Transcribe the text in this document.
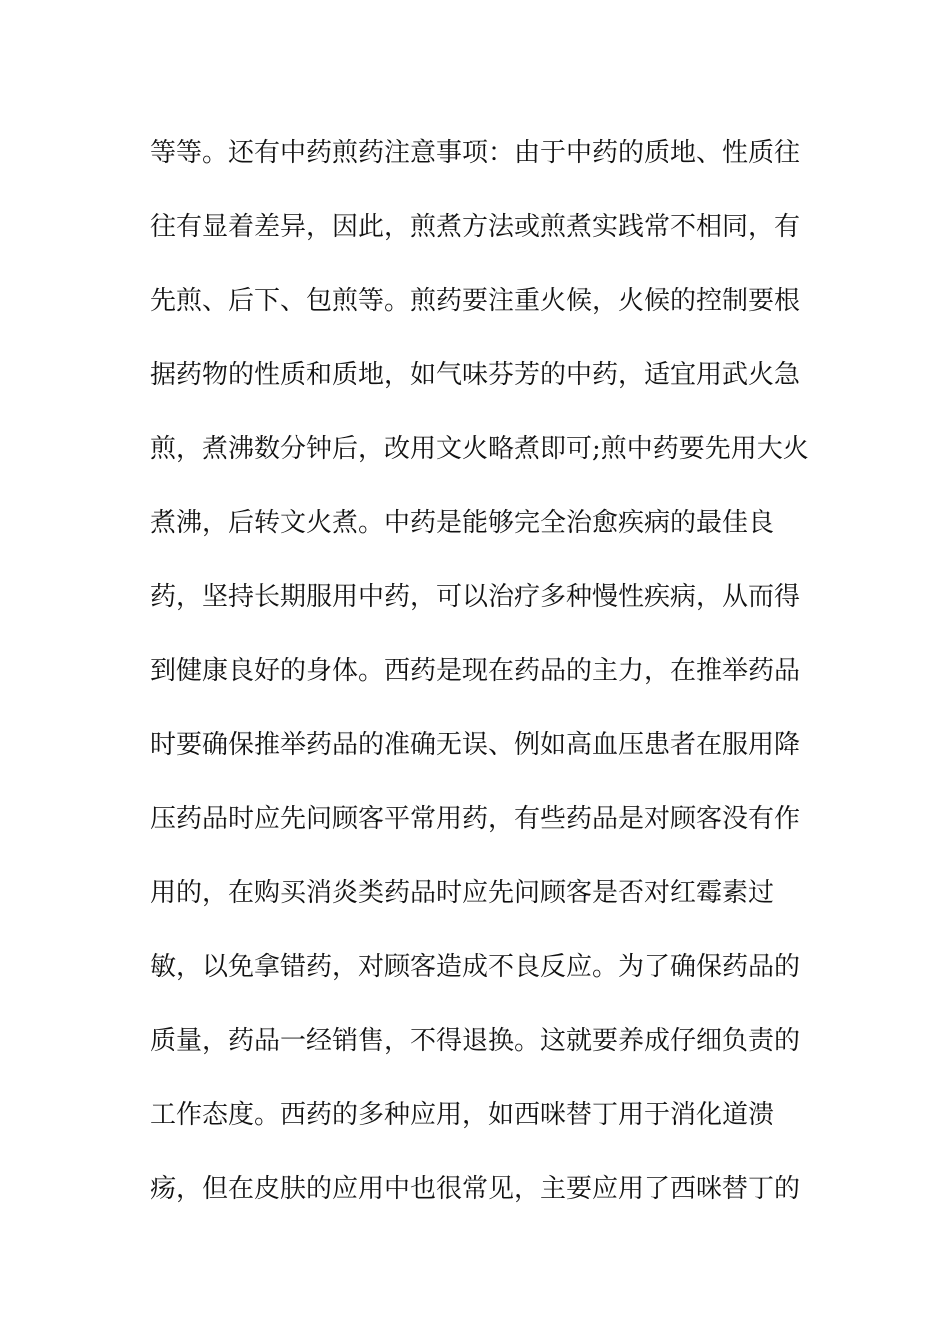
等等。还有中药煎药注意事项：由于中药的质地、性质往
往有显着差异，因此，煎煮方法或煎煮实践常不相同，有
先煎、后下、包煎等。煎药要注重火候，火候的控制要根
据药物的性质和质地，如气味芬芳的中药，适宜用武火急
煎，煮沸数分钟后，改用文火略煮即可;煎中药要先用大火
煮沸，后转文火煮。中药是能够完全治愈疾病的最佳良
药，坚持长期服用中药，可以治疗多种慢性疾病，从而得
到健康良好的身体。西药是现在药品的主力，在推举药品
时要确保推举药品的准确无误、例如高血压患者在服用降
压药品时应先问顾客平常用药，有些药品是对顾客没有作
用的，在购买消炎类药品时应先问顾客是否对红霉素过
敏，以免拿错药，对顾客造成不良反应。为了确保药品的
质量，药品一经销售，不得退换。这就要养成仔细负责的
工作态度。西药的多种应用，如西咪替丁用于消化道溃
疡，但在皮肤的应用中也很常见，主要应用了西咪替丁的
